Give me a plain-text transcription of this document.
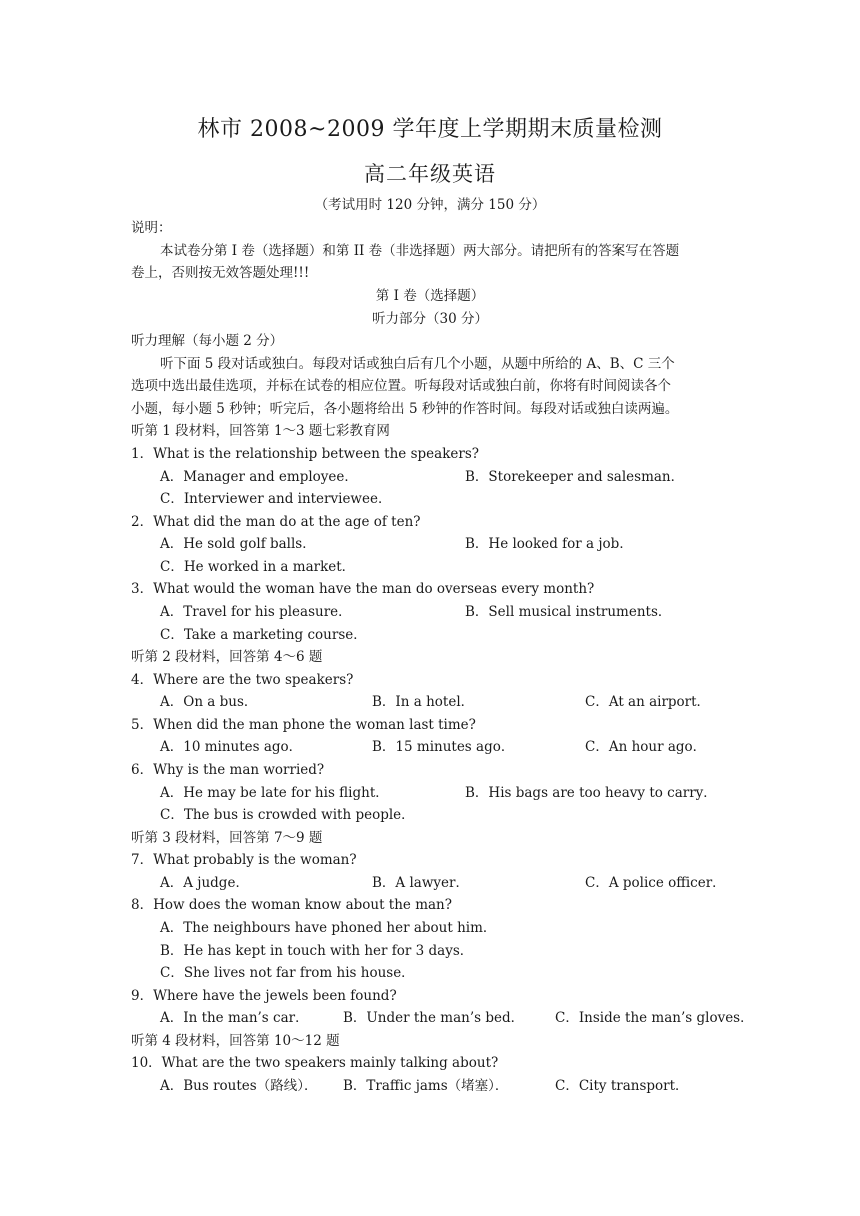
林市 2008~2009 学年度上学期期末质量检测
高二年级英语
（考试用时 120 分钟，满分 150 分）
说明：
本试卷分第 I 卷（选择题）和第 II 卷（非选择题）两大部分。请把所有的答案写在答题
卷上，否则按无效答题处理!!!
第 I 卷（选择题）
听力部分（30 分）
听力理解（每小题 2 分）
听下面 5 段对话或独白。每段对话或独白后有几个小题，从题中所给的 A、B、C 三个
选项中选出最佳选项，并标在试卷的相应位置。听每段对话或独白前，你将有时间阅读各个
小题，每小题 5 秒钟；听完后，各小题将给出 5 秒钟的作答时间。每段对话或独白读两遍。
听第 1 段材料，回答第 1～3 题七彩教育网
1．What is the relationship between the speakers?
A．Manager and employee．	B．Storekeeper and salesman．
C．Interviewer and interviewee．
2．What did the man do at the age of ten?
A．He sold golf balls．	B．He looked for a job．
C．He worked in a market．
3．What would the woman have the man do overseas every month?
A．Travel for his pleasure．	B．Sell musical instruments．
C．Take a marketing course．
听第 2 段材料，回答第 4～6 题
4．Where are the two speakers?
A．On a bus．	B．In a hotel．	C．At an airport．
5．When did the man phone the woman last time?
A．10 minutes ago．	B．15 minutes ago．	C．An hour ago．
6．Why is the man worried?
A．He may be late for his flight．	B．His bags are too heavy to carry．
C．The bus is crowded with people．
听第 3 段材料，回答第 7～9 题
7．What probably is the woman?
A．A judge．	B．A lawyer．	C．A police officer．
8．How does the woman know about the man?
A．The neighbours have phoned her about him．
B．He has kept in touch with her for 3 days．
C．She lives not far from his house．
9．Where have the jewels been found?
A．In the man’s car．	B．Under the man’s bed． C．Inside the man’s gloves．
听第 4 段材料，回答第 10～12 题
10．What are the two speakers mainly talking about?
A．Bus routes（路线）． B．Traffic jams（堵塞）．	C．City transport．
